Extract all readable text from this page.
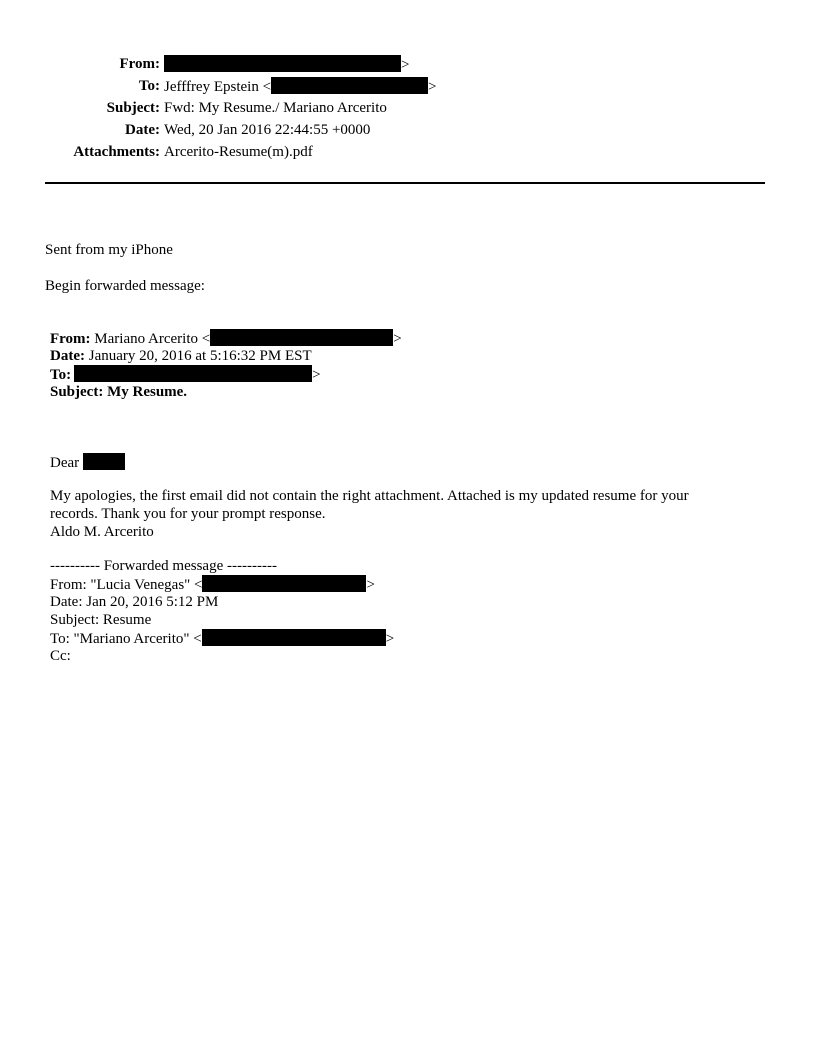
From:	>
To:	Jefffrey Epstein < >
Subject:	Fwd: My Resume./ Mariano Arcerito
Date:	Wed, 20 Jan 2016 22:44:55 +0000
Attachments:	Arcerito-Resume(m).pdf
Sent from my iPhone
Begin forwarded message:
From: Mariano Arcerito <	>
Date: January 20, 2016 at 5:16:32 PM EST
To:	>
Subject: My Resume.
Dear
My apologies, the first email did not contain the right attachment. Attached is my updated resume for your
records. Thank you for your prompt response.
Aldo M. Arcerito
---------- Forwarded message ----------
From: "Lucia Venegas" <	>
Date: Jan 20, 2016 5:12 PM
Subject: Resume
To: "Mariano Arcerito" <	>
Cc:
